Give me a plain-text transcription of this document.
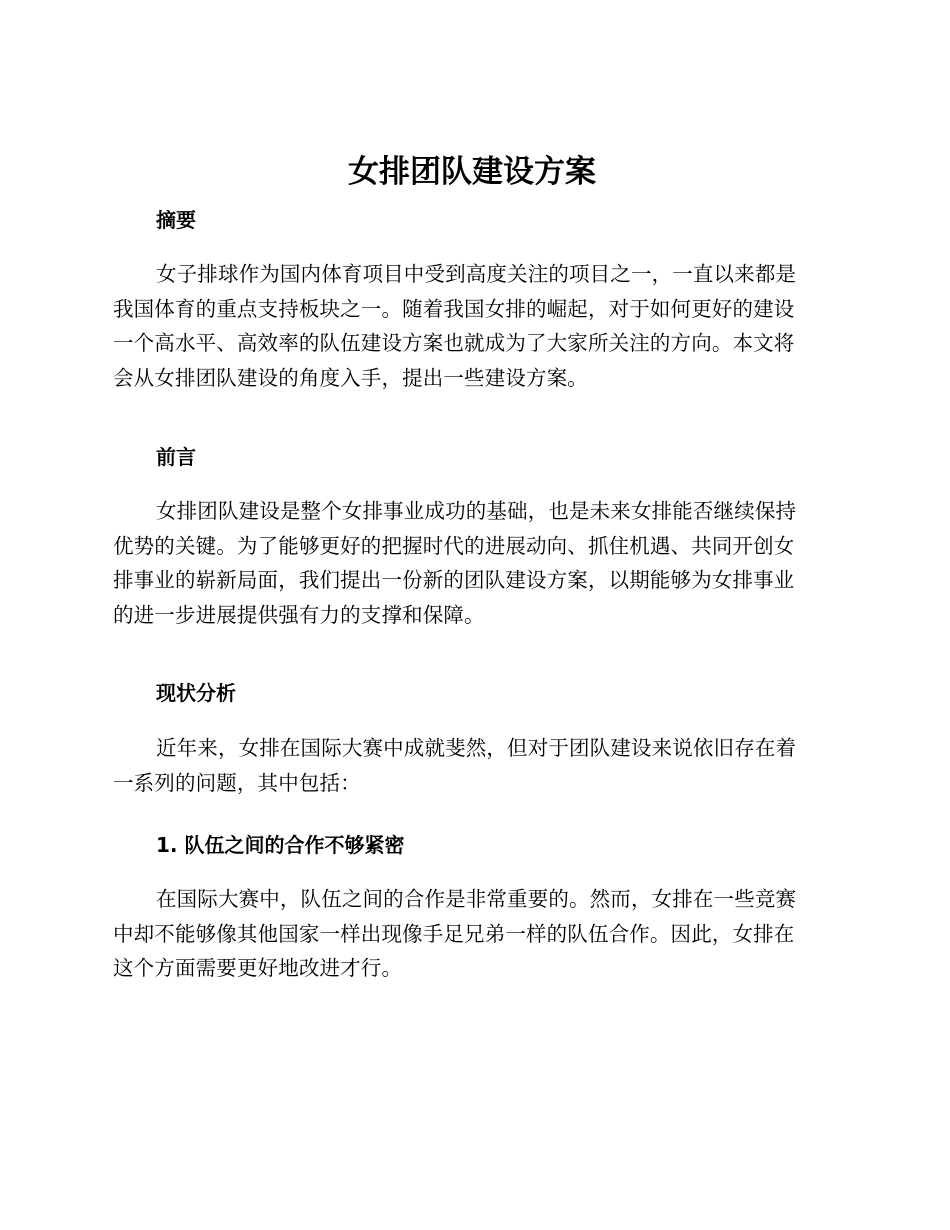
女排团队建设方案
摘要

女子排球作为国内体育项目中受到高度关注的项目之一，一直以来都是
我国体育的重点支持板块之一。随着我国女排的崛起，对于如何更好的建设
一个高水平、高效率的队伍建设方案也就成为了大家所关注的方向。本文将
会从女排团队建设的角度入手，提出一些建设方案。

前言

女排团队建设是整个女排事业成功的基础，也是未来女排能否继续保持
优势的关键。为了能够更好的把握时代的进展动向、抓住机遇、共同开创女
排事业的崭新局面，我们提出一份新的团队建设方案，以期能够为女排事业
的进一步进展提供强有力的支撑和保障。

现状分析

近年来，女排在国际大赛中成就斐然，但对于团队建设来说依旧存在着
一系列的问题，其中包括：

1. 队伍之间的合作不够紧密

在国际大赛中，队伍之间的合作是非常重要的。然而，女排在一些竞赛
中却不能够像其他国家一样出现像手足兄弟一样的队伍合作。因此，女排在
这个方面需要更好地改进才行。
